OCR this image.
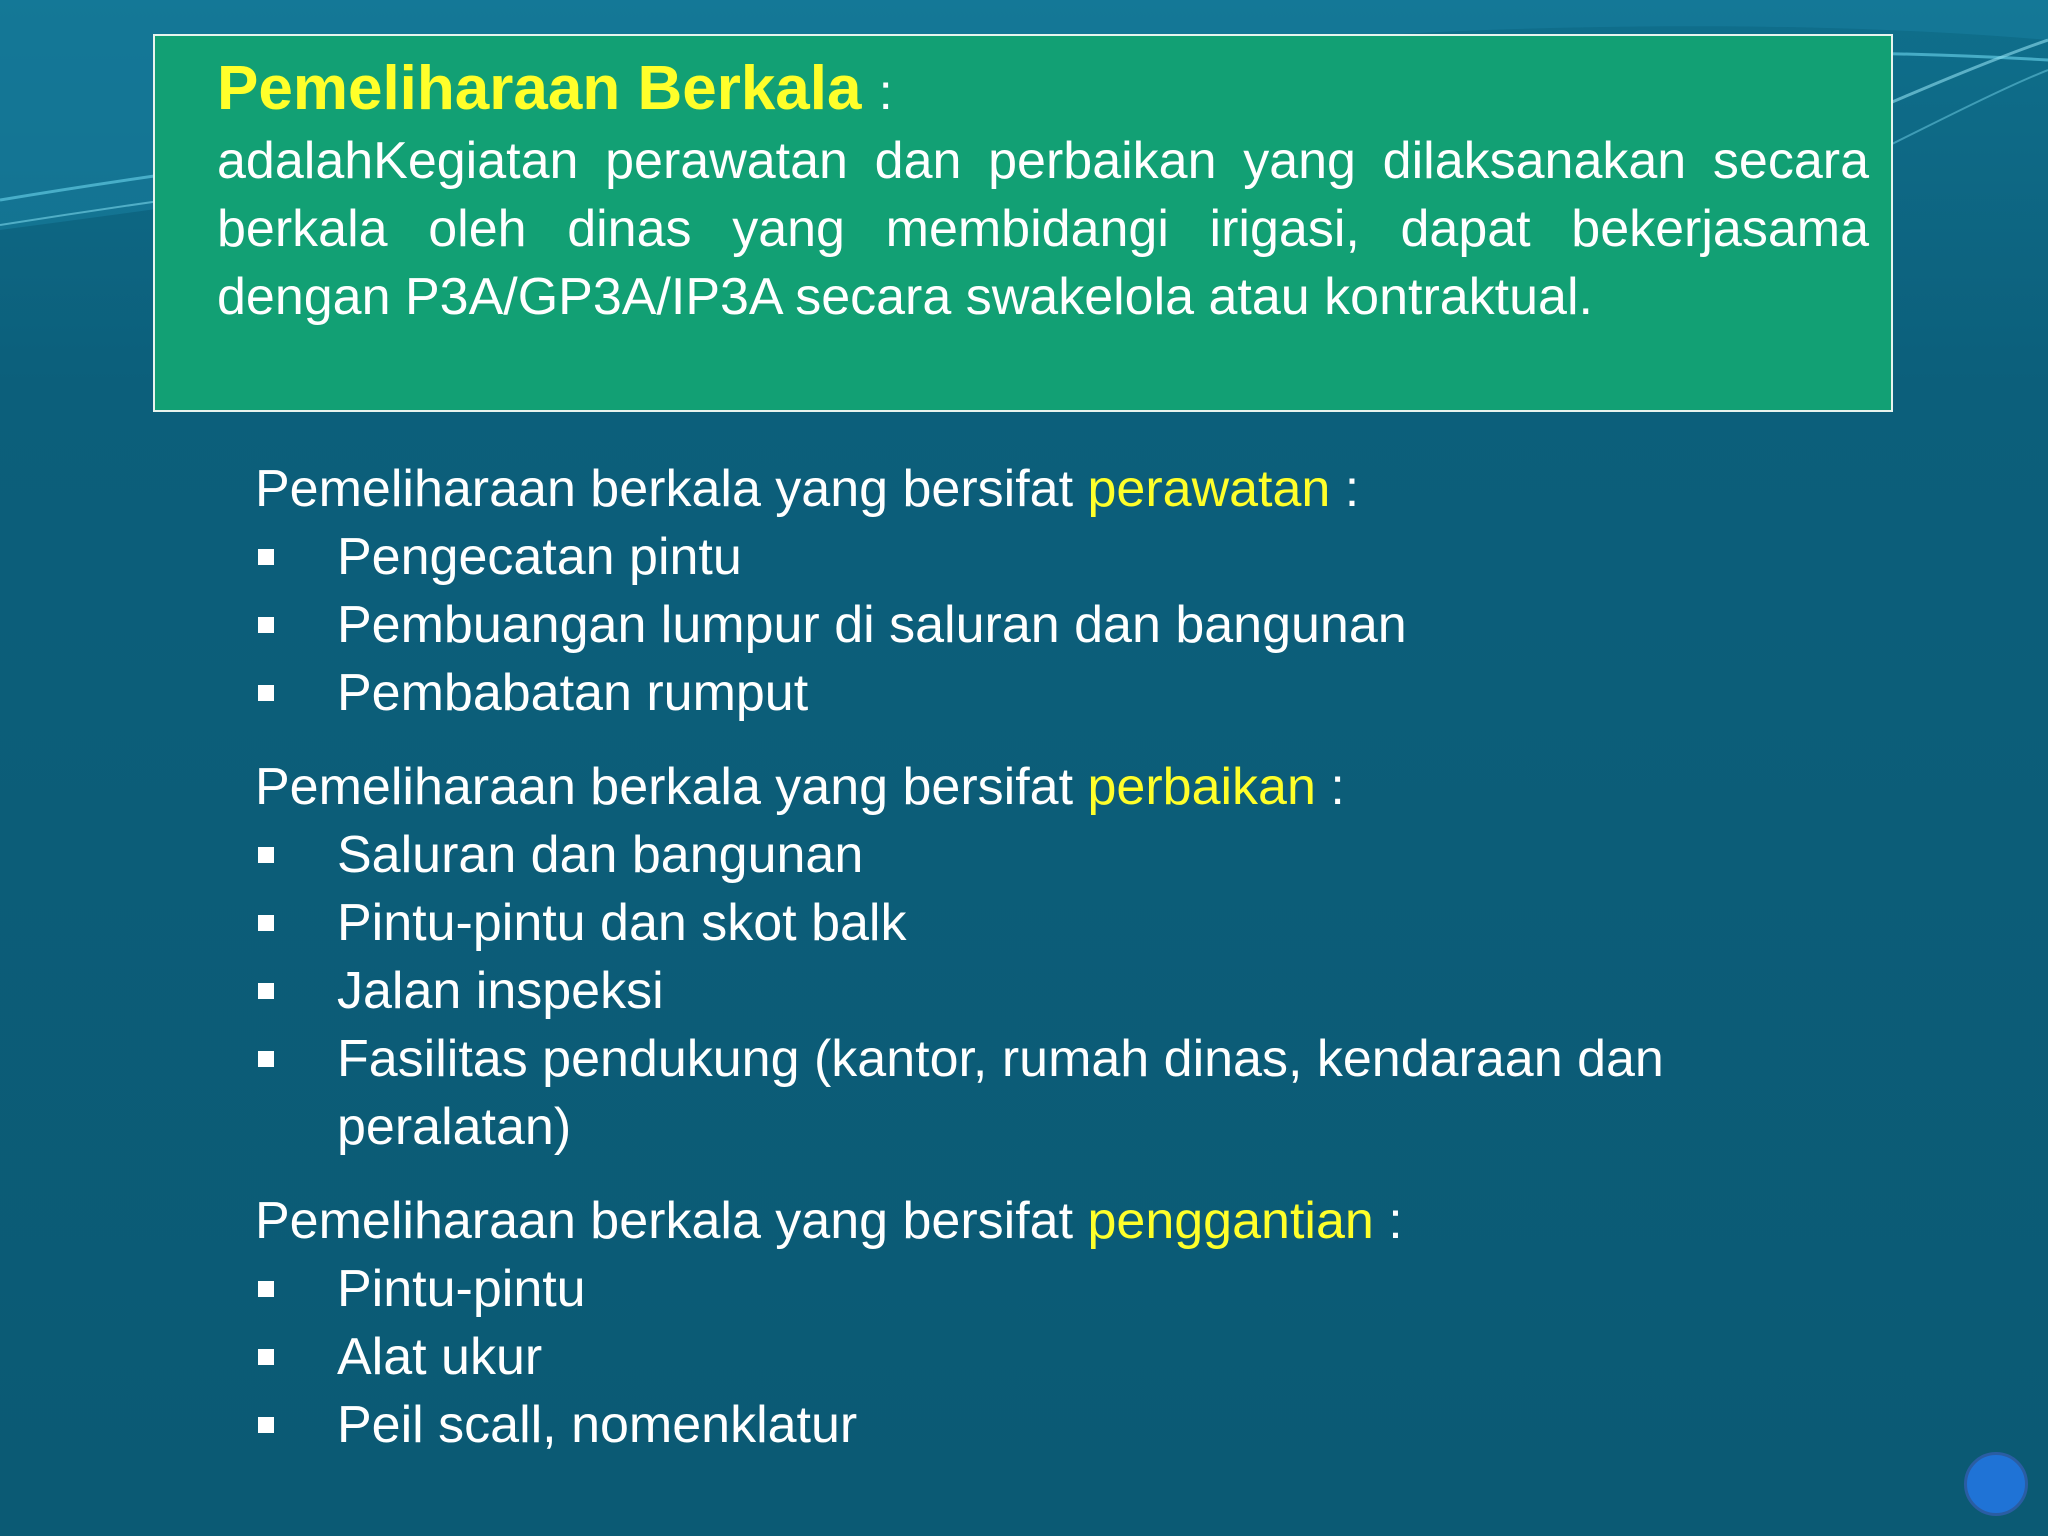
Pemeliharaan Berkala :

adalahKegiatan perawatan dan perbaikan yang dilaksanakan secara berkala oleh dinas yang membidangi irigasi, dapat bekerjasama dengan P3A/GP3A/IP3A secara swakelola atau kontraktual.

Pemeliharaan berkala yang bersifat perawatan :

Pengecatan pintu
Pembuangan lumpur di saluran dan bangunan
Pembabatan rumput

Pemeliharaan berkala yang bersifat perbaikan :

Saluran dan bangunan
Pintu-pintu dan skot balk
Jalan inspeksi
Fasilitas pendukung (kantor, rumah dinas, kendaraan dan peralatan)

Pemeliharaan berkala yang bersifat penggantian :

Pintu-pintu
Alat ukur
Peil scall, nomenklatur
